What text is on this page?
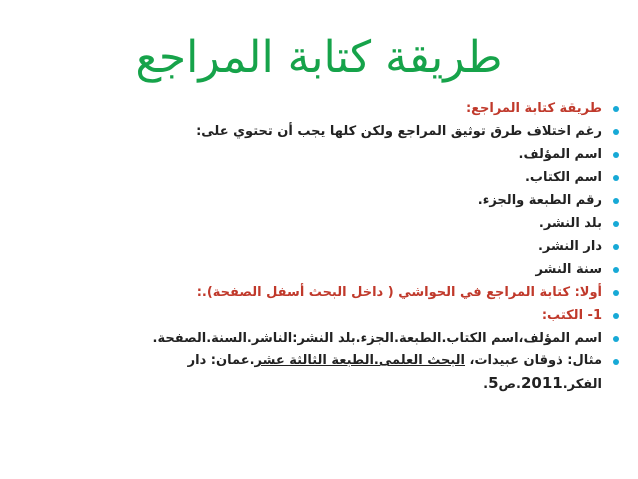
طريقة كتابة المراجع
طريقة كتابة المراجع:
رغم اختلاف طرق توثيق المراجع ولكن كلها يجب أن تحتوي على:
اسم المؤلف.
اسم الكتاب.
رقم الطبعة والجزء.
بلد النشر.
دار النشر.
سنة النشر
أولا: كتابة المراجع في الحواشي ( داخل البحث أسفل الصفحة).:
1- الكتب:
اسم المؤلف،اسم الكتاب.الطبعة.الجزء.بلد النشر:الناشر.السنة.الصفحة.
مثال: ذوقان عبيدات، البحث العلمى.الطبعة الثالثة عشر.عمان: دار الفكر.2011.ص5.
